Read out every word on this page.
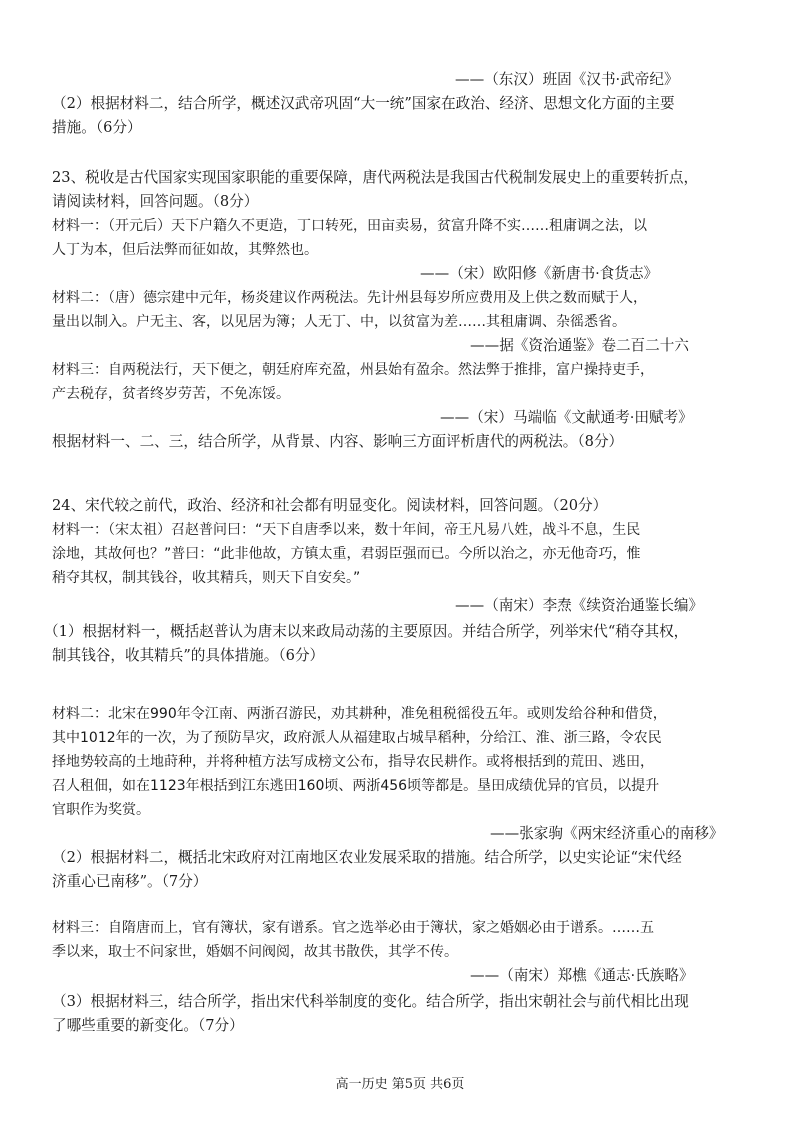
——（东汉）班固《汉书·武帝纪》
（2）根据材料二，结合所学，概述汉武帝巩固“大一统”国家在政治、经济、思想文化方面的主要
措施。（6分）
23、税收是古代国家实现国家职能的重要保障，唐代两税法是我国古代税制发展史上的重要转折点，
请阅读材料，回答问题。（8分）
材料一：（开元后）天下户籍久不更造，丁口转死，田亩卖易，贫富升降不实……租庸调之法，以
人丁为本，但后法弊而征如故，其弊然也。
——（宋）欧阳修《新唐书·食货志》
材料二：（唐）德宗建中元年，杨炎建议作两税法。先计州县每岁所应费用及上供之数而赋于人，
量出以制入。户无主、客，以见居为簿；人无丁、中，以贫富为差……其租庸调、杂徭悉省。
——据《资治通鉴》卷二百二十六
材料三：自两税法行，天下便之，朝廷府库充盈，州县始有盈余。然法弊于推排，富户操持吏手，
产去税存，贫者终岁劳苦，不免冻馁。
——（宋）马端临《文献通考·田赋考》
根据材料一、二、三，结合所学，从背景、内容、影响三方面评析唐代的两税法。（8分）
24、宋代较之前代，政治、经济和社会都有明显变化。阅读材料，回答问题。（20分）
材料一：（宋太祖）召赵普问曰：“天下自唐季以来，数十年间，帝王凡易八姓，战斗不息，生民
涂地，其故何也？”普曰：“此非他故，方镇太重，君弱臣强而已。今所以治之，亦无他奇巧，惟
稍夺其权，制其钱谷，收其精兵，则天下自安矣。”
——（南宋）李焘《续资治通鉴长编》
（1）根据材料一，概括赵普认为唐末以来政局动荡的主要原因。并结合所学，列举宋代“稍夺其权，
制其钱谷，收其精兵”的具体措施。（6分）
材料二：北宋在990年令江南、两浙召游民，劝其耕种，准免租税徭役五年。或则发给谷种和借贷，
其中1012年的一次，为了预防旱灾，政府派人从福建取占城旱稻种，分给江、淮、浙三路，令农民
择地势较高的土地莳种，并将种植方法写成榜文公布，指导农民耕作。或将根括到的荒田、逃田，
召人租佃，如在1123年根括到江东逃田160顷、两浙456顷等都是。垦田成绩优异的官员，以提升
官职作为奖赏。
——张家驹《两宋经济重心的南移》
（2）根据材料二，概括北宋政府对江南地区农业发展采取的措施。结合所学，以史实论证“宋代经
济重心已南移”。（7分）
材料三：自隋唐而上，官有簿状，家有谱系。官之选举必由于簿状，家之婚姻必由于谱系。……五
季以来，取士不问家世，婚姻不问阀阅，故其书散佚，其学不传。
——（南宋）郑樵《通志·氏族略》
（3）根据材料三，结合所学，指出宋代科举制度的变化。结合所学，指出宋朝社会与前代相比出现
了哪些重要的新变化。（7分）
高一历史 第5页 共6页
